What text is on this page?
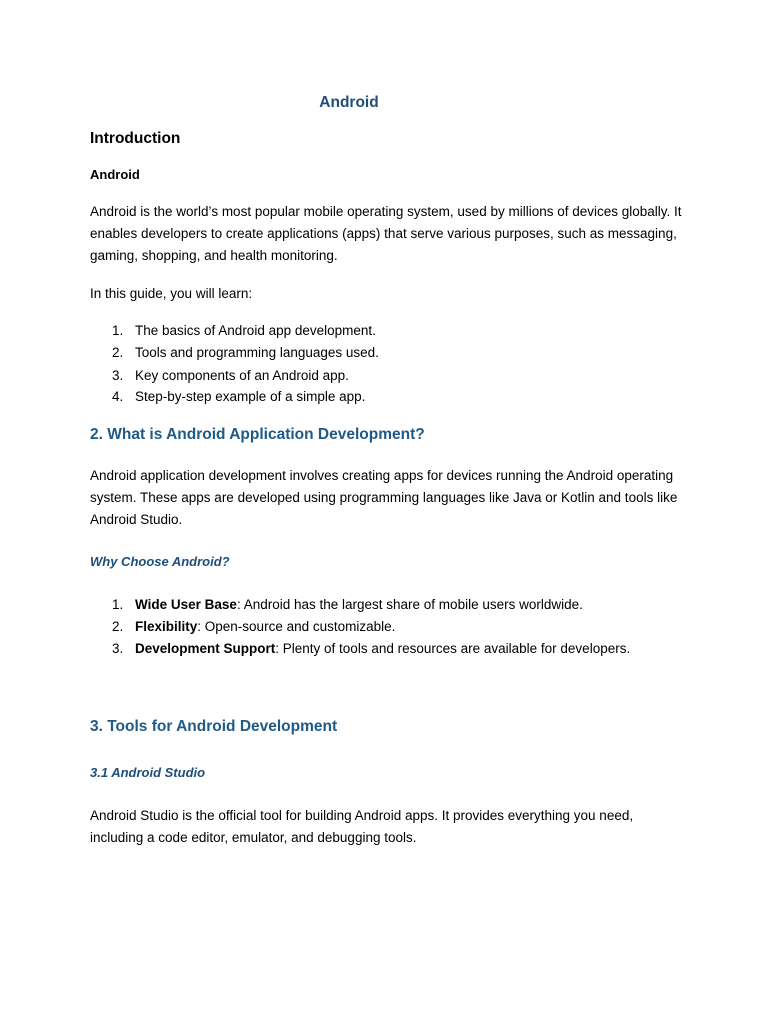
Android
Introduction
Android
Android is the world’s most popular mobile operating system, used by millions of devices globally. It enables developers to create applications (apps) that serve various purposes, such as messaging, gaming, shopping, and health monitoring.
In this guide, you will learn:
1. The basics of Android app development.
2. Tools and programming languages used.
3. Key components of an Android app.
4. Step-by-step example of a simple app.
2. What is Android Application Development?
Android application development involves creating apps for devices running the Android operating system. These apps are developed using programming languages like Java or Kotlin and tools like Android Studio.
Why Choose Android?
1. Wide User Base: Android has the largest share of mobile users worldwide.
2. Flexibility: Open-source and customizable.
3. Development Support: Plenty of tools and resources are available for developers.
3. Tools for Android Development
3.1 Android Studio
Android Studio is the official tool for building Android apps. It provides everything you need, including a code editor, emulator, and debugging tools.
